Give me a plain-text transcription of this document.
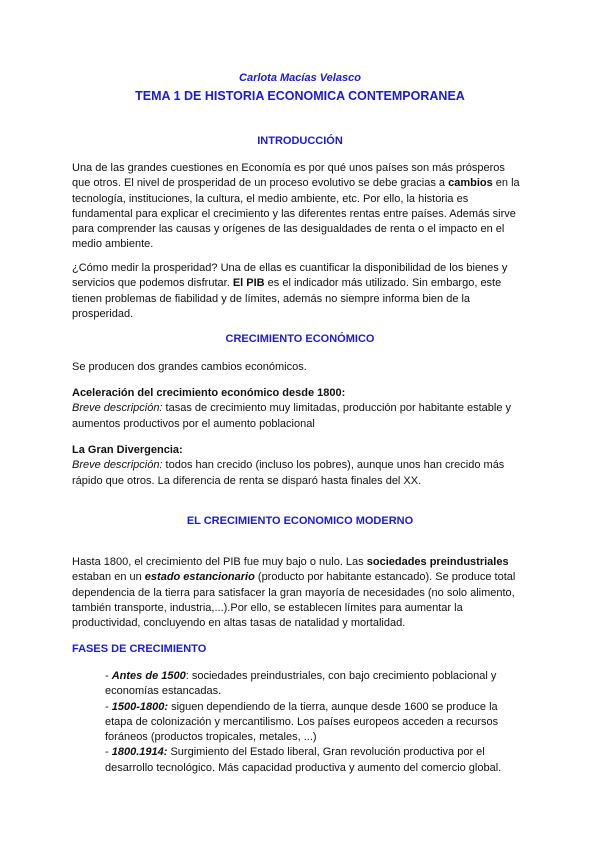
Carlota Macías Velasco
TEMA 1 DE HISTORIA ECONOMICA CONTEMPORANEA
INTRODUCCIÓN
Una de las grandes cuestiones en Economía es por qué unos países son más prósperos que otros. El nivel de prosperidad de un proceso evolutivo se debe gracias a cambios en la tecnología, instituciones, la cultura, el medio ambiente, etc. Por ello, la historia es fundamental para explicar el crecimiento y las diferentes rentas entre países. Además sirve para comprender las causas y orígenes de las desigualdades de renta o el impacto en el medio ambiente.
¿Cómo medir la prosperidad? Una de ellas es cuantificar la disponibilidad de los bienes y servicios que podemos disfrutar. El PIB es el indicador más utilizado. Sin embargo, este tienen problemas de fiabilidad y de límites, además no siempre informa bien de la prosperidad.
CRECIMIENTO ECONÓMICO
Se producen dos grandes cambios económicos.
Aceleración del crecimiento económico desde 1800:
Breve descripción: tasas de crecimiento muy limitadas, producción por habitante estable y aumentos productivos por el aumento poblacional
La Gran Divergencia:
Breve descripción: todos han crecido (incluso los pobres), aunque unos han crecido más rápido que otros. La diferencia de renta se disparó hasta finales del XX.
EL CRECIMIENTO ECONOMICO MODERNO
Hasta 1800, el crecimiento del PIB fue muy bajo o nulo. Las sociedades preindustriales estaban en un estado estancionario (producto por habitante estancado). Se produce total dependencia de la tierra para satisfacer la gran mayoría de necesidades (no solo alimento, también transporte, industria,...).Por ello, se establecen límites para aumentar la productividad, concluyendo en altas tasas de natalidad y mortalidad.
FASES DE CRECIMIENTO
- Antes de 1500: sociedades preindustriales, con bajo crecimiento poblacional y economías estancadas.
- 1500-1800: siguen dependiendo de la tierra, aunque desde 1600 se produce la etapa de colonización y mercantilismo. Los países europeos acceden a recursos foráneos (productos tropicales, metales, ...)
- 1800.1914: Surgimiento del Estado liberal, Gran revolución productiva por el desarrollo tecnológico. Más capacidad productiva y aumento del comercio global.
